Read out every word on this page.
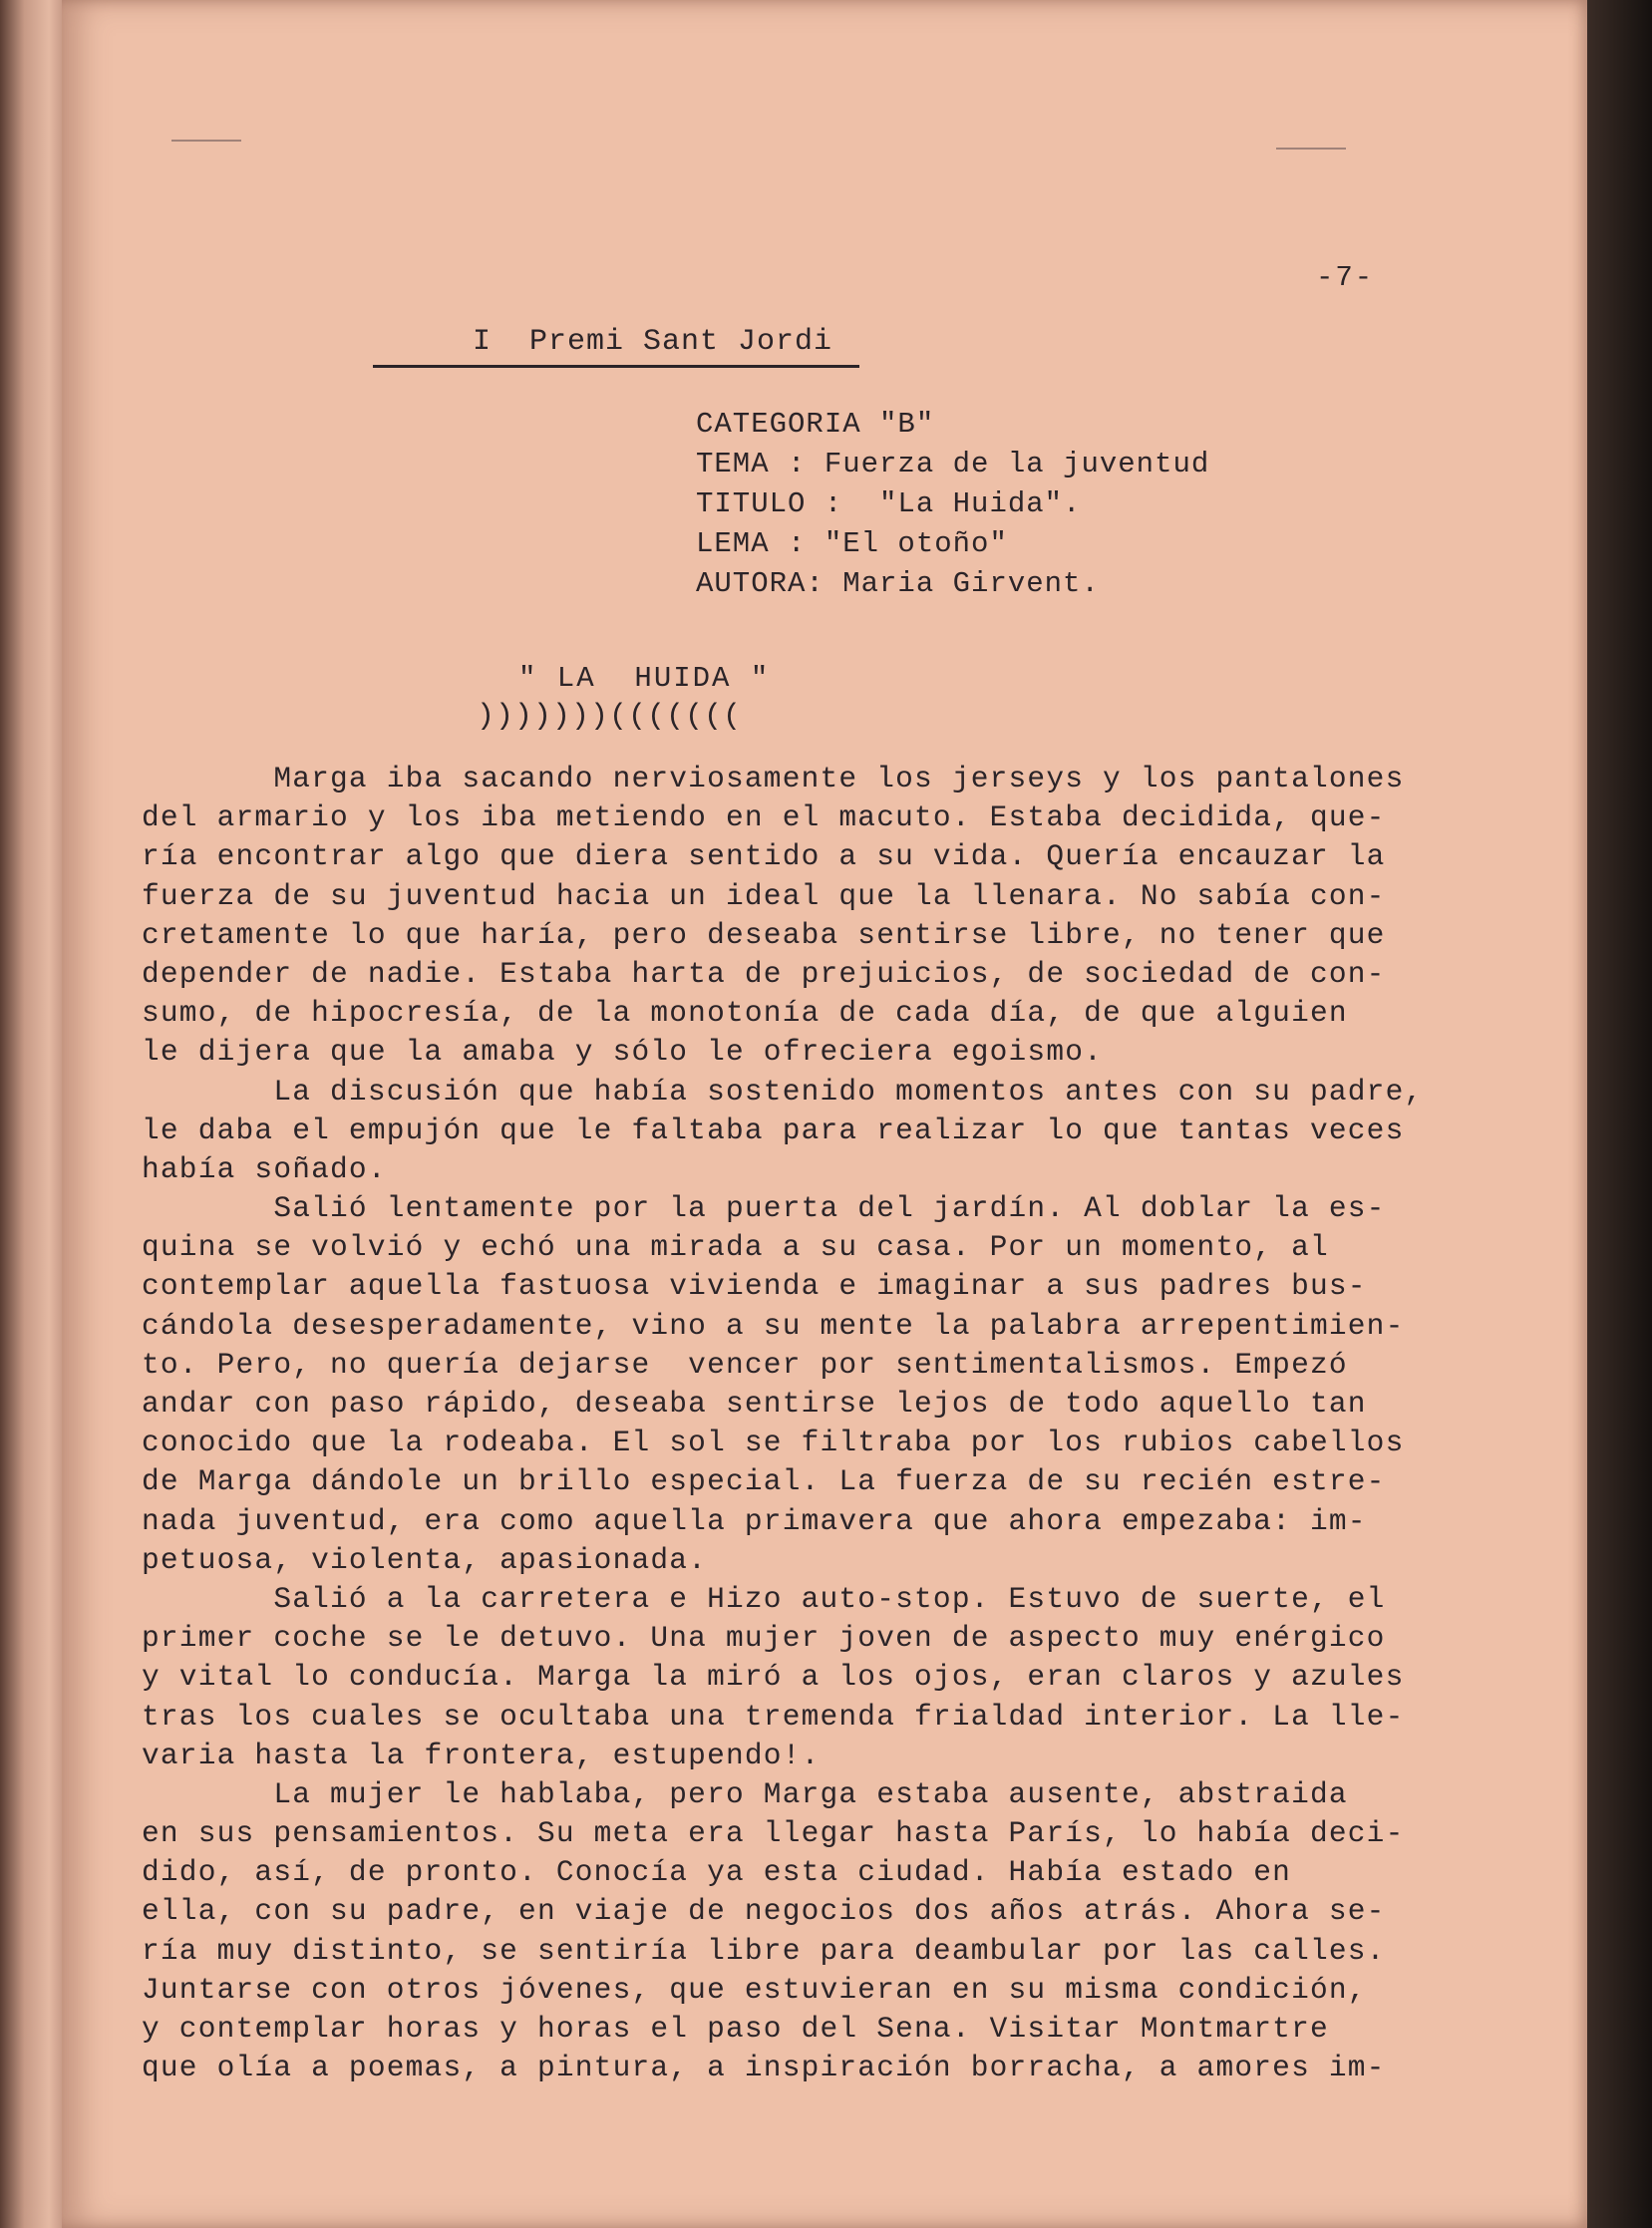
-7-
I  Premi Sant Jordi
CATEGORIA "B"
TEMA : Fuerza de la juventud
TITULO :  "La Huida".
LEMA : "El otoño"
AUTORA: Maria Girvent.
" LA  HUIDA "
)))))))(((((((
Marga iba sacando nerviosamente los jerseys y los pantalones
del armario y los iba metiendo en el macuto. Estaba decidida, que-
ría encontrar algo que diera sentido a su vida. Quería encauzar la
fuerza de su juventud hacia un ideal que la llenara. No sabía con-
cretamente lo que haría, pero deseaba sentirse libre, no tener que
depender de nadie. Estaba harta de prejuicios, de sociedad de con-
sumo, de hipocresía, de la monotonía de cada día, de que alguien
le dijera que la amaba y sólo le ofreciera egoismo.
La discusión que había sostenido momentos antes con su padre,
le daba el empujón que le faltaba para realizar lo que tantas veces
había soñado.
Salió lentamente por la puerta del jardín. Al doblar la es-
quina se volvió y echó una mirada a su casa. Por un momento, al
contemplar aquella fastuosa vivienda e imaginar a sus padres bus-
cándola desesperadamente, vino a su mente la palabra arrepentimien-
to. Pero, no quería dejarse  vencer por sentimentalismos. Empezó
andar con paso rápido, deseaba sentirse lejos de todo aquello tan
conocido que la rodeaba. El sol se filtraba por los rubios cabellos
de Marga dándole un brillo especial. La fuerza de su recién estre-
nada juventud, era como aquella primavera que ahora empezaba: im-
petuosa, violenta, apasionada.
Salió a la carretera e Hizo auto-stop. Estuvo de suerte, el
primer coche se le detuvo. Una mujer joven de aspecto muy enérgico
y vital lo conducía. Marga la miró a los ojos, eran claros y azules
tras los cuales se ocultaba una tremenda frialdad interior. La lle-
varia hasta la frontera, estupendo!.
La mujer le hablaba, pero Marga estaba ausente, abstraida
en sus pensamientos. Su meta era llegar hasta París, lo había deci-
dido, así, de pronto. Conocía ya esta ciudad. Había estado en
ella, con su padre, en viaje de negocios dos años atrás. Ahora se-
ría muy distinto, se sentiría libre para deambular por las calles.
Juntarse con otros jóvenes, que estuvieran en su misma condición,
y contemplar horas y horas el paso del Sena. Visitar Montmartre
que olía a poemas, a pintura, a inspiración borracha, a amores im-
